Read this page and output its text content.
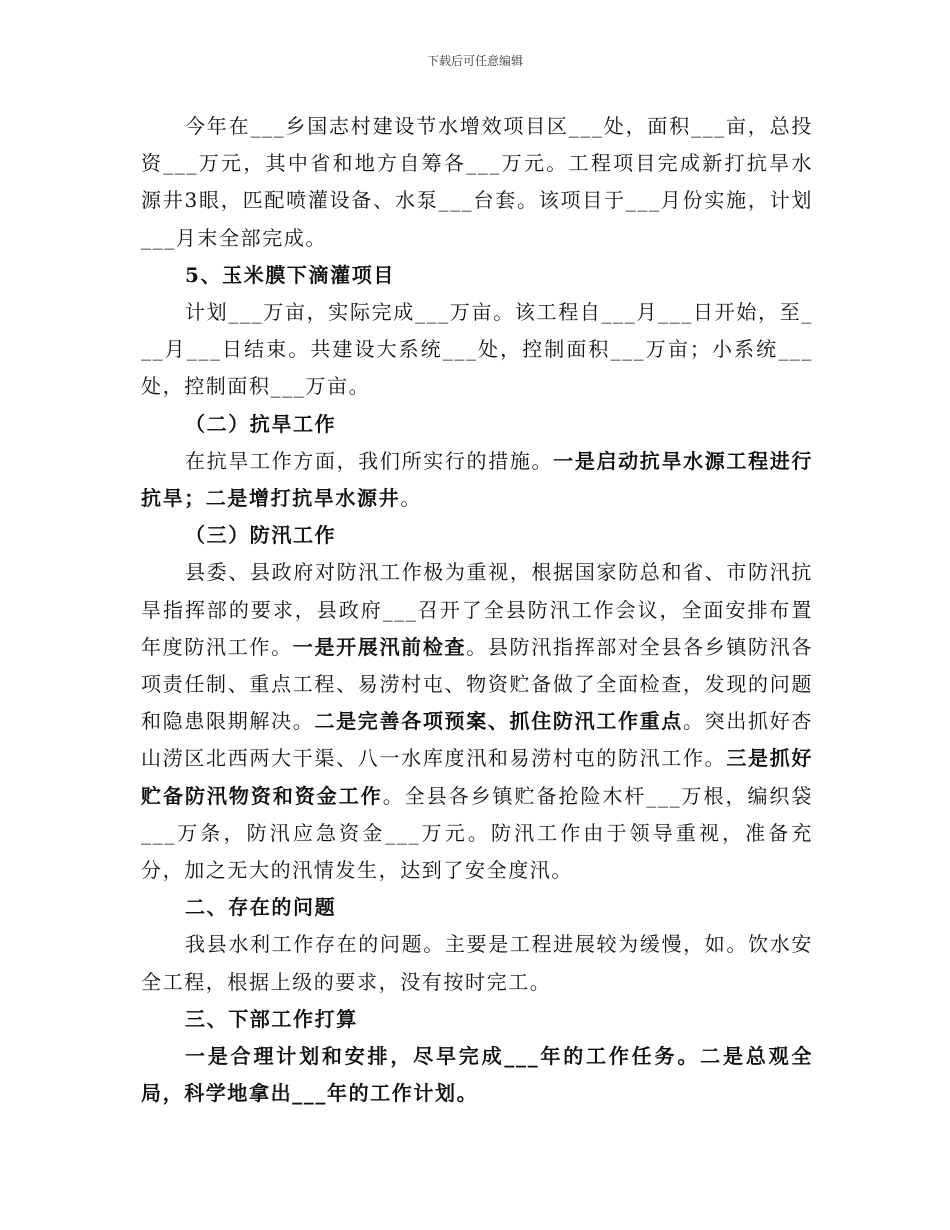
下载后可任意编辑

今年在___乡国志村建设节水增效项目区___处，面积___亩，总投资___万元，其中省和地方自筹各___万元。工程项目完成新打抗旱水源井3眼，匹配喷灌设备、水泵___台套。该项目于___月份实施，计划___月末全部完成。

5、玉米膜下滴灌项目

计划___万亩，实际完成___万亩。该工程自___月___日开始，至___月___日结束。共建设大系统___处，控制面积___万亩；小系统___处，控制面积___万亩。

（二）抗旱工作

在抗旱工作方面，我们所实行的措施。一是启动抗旱水源工程进行抗旱；二是增打抗旱水源井。

（三）防汛工作

县委、县政府对防汛工作极为重视，根据国家防总和省、市防汛抗旱指挥部的要求，县政府___召开了全县防汛工作会议，全面安排布置年度防汛工作。一是开展汛前检查。县防汛指挥部对全县各乡镇防汛各项责任制、重点工程、易涝村屯、物资贮备做了全面检查，发现的问题和隐患限期解决。二是完善各项预案、抓住防汛工作重点。突出抓好杏山涝区北西两大干渠、八一水库度汛和易涝村屯的防汛工作。三是抓好贮备防汛物资和资金工作。全县各乡镇贮备抢险木杆___万根，编织袋___万条，防汛应急资金___万元。防汛工作由于领导重视，准备充分，加之无大的汛情发生，达到了安全度汛。

二、存在的问题

我县水利工作存在的问题。主要是工程进展较为缓慢，如。饮水安全工程，根据上级的要求，没有按时完工。

三、下部工作打算

一是合理计划和安排，尽早完成___年的工作任务。二是总观全局，科学地拿出___年的工作计划。
